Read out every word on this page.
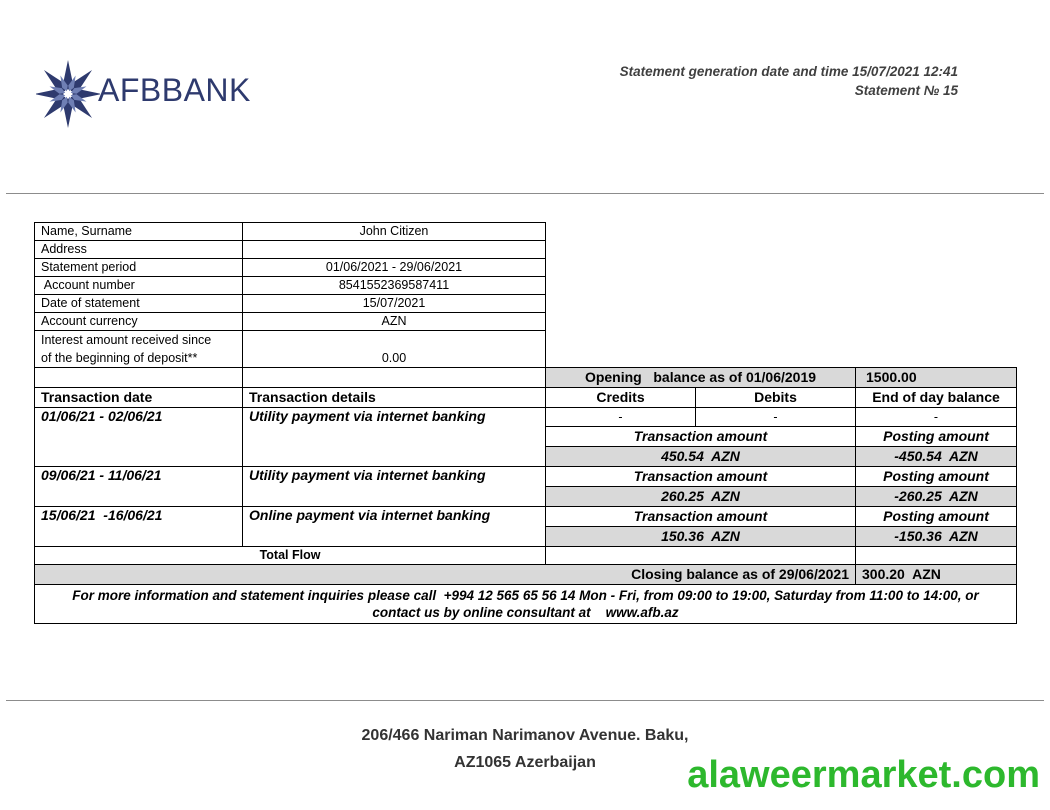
AFBBANK
Statement generation date and time 15/07/2021 12:41
Statement № 15
Name, Surname	John Citizen			
Address				
Statement period	01/06/2021 - 29/06/2021			
Account number	8541552369587411			
Date of statement	15/07/2021			
Account currency	AZN			

Interest amount received since
of the beginning of deposit**	0.00			
		Opening   balance as of 01/06/2019		1500.00
Transaction date	Transaction details	Credits	Debits	End of day balance
01/06/21 - 02/06/21	Utility payment via internet banking	-	-	-
		Transaction amount		Posting amount
		450.54  AZN		-450.54  AZN
09/06/21 - 11/06/21	Utility payment via internet banking	Transaction amount		Posting amount
		260.25  AZN		-260.25  AZN
15/06/21  -16/06/21	Online payment via internet banking	Transaction amount		Posting amount
		150.36  AZN		-150.36  AZN
Total Flow				
Closing balance as of 29/06/2021				300.20  AZN

For more information and statement inquiries please call  +994 12 565 65 56 14 Mon - Fri, from 09:00 to 19:00, Saturday from 11:00 to 14:00, or
contact us by online consultant at    www.afb.az				
206/466 Nariman Narimanov Avenue. Baku,
AZ1065 Azerbaijan	alaweermarket.com
